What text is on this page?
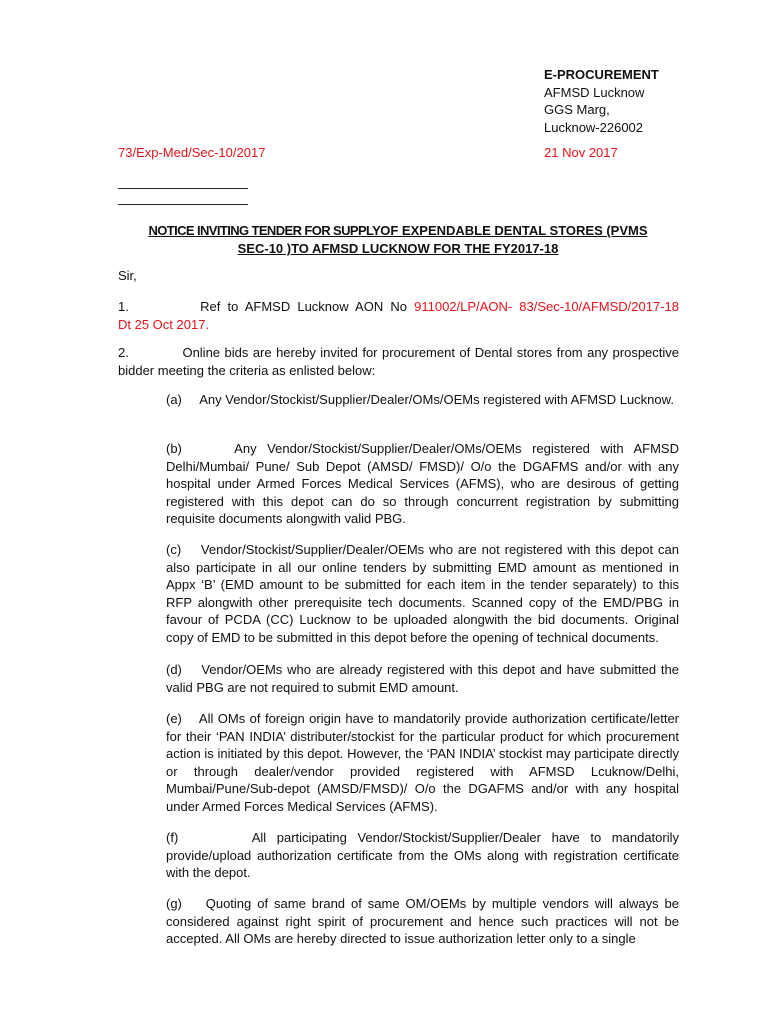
E-PROCUREMENT
AFMSD Lucknow
GGS Marg,
Lucknow-226002
73/Exp-Med/Sec-10/2017	21 Nov 2017
NOTICE INVITING TENDER FOR SUPPLYOF EXPENDABLE DENTAL STORES (PVMS
SEC-10 )TO AFMSD LUCKNOW FOR THE FY2017-18
Sir,
1.	Ref to AFMSD Lucknow AON No 911002/LP/AON- 83/Sec-10/AFMSD/2017-18
Dt 25 Oct 2017.
2.	Online bids are hereby invited for procurement of Dental stores from any prospective bidder meeting the criteria as enlisted below:
(a) Any Vendor/Stockist/Supplier/Dealer/OMs/OEMs registered with AFMSD Lucknow.
(b)	Any Vendor/Stockist/Supplier/Dealer/OMs/OEMs registered with AFMSD Delhi/Mumbai/ Pune/ Sub Depot (AMSD/ FMSD)/ O/o the DGAFMS and/or with any hospital under Armed Forces Medical Services (AFMS), who are desirous of getting registered with this depot can do so through concurrent registration by submitting requisite documents alongwith valid PBG.
(c) Vendor/Stockist/Supplier/Dealer/OEMs who are not registered with this depot can also participate in all our online tenders by submitting EMD amount as mentioned in Appx ‘B’ (EMD amount to be submitted for each item in the tender separately) to this RFP alongwith other prerequisite tech documents. Scanned copy of the EMD/PBG in favour of PCDA (CC) Lucknow to be uploaded alongwith the bid documents. Original copy of EMD to be submitted in this depot before the opening of technical documents.
(d) Vendor/OEMs who are already registered with this depot and have submitted the valid PBG are not required to submit EMD amount.
(e) All OMs of foreign origin have to mandatorily provide authorization certificate/letter for their ‘PAN INDIA’ distributer/stockist for the particular product for which procurement action is initiated by this depot. However, the ‘PAN INDIA’ stockist may participate directly or through dealer/vendor provided registered with AFMSD Lcuknow/Delhi, Mumbai/Pune/Sub-depot (AMSD/FMSD)/ O/o the DGAFMS and/or with any hospital under Armed Forces Medical Services (AFMS).
(f)	All participating Vendor/Stockist/Supplier/Dealer have to mandatorily provide/upload authorization certificate from the OMs along with registration certificate with the depot.
(g) Quoting of same brand of same OM/OEMs by multiple vendors will always be considered against right spirit of procurement and hence such practices will not be accepted. All OMs are hereby directed to issue authorization letter only to a single
